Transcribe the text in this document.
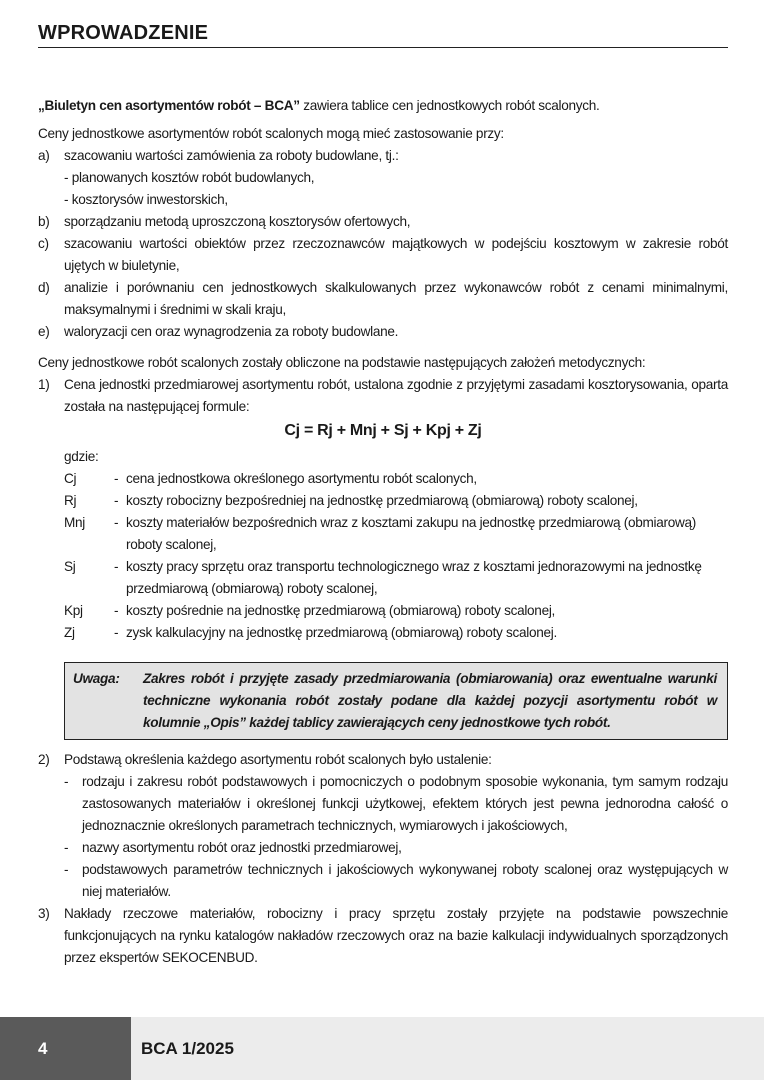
WPROWADZENIE

„Biuletyn cen asortymentów robót – BCA” zawiera tablice cen jednostkowych robót scalonych.

Ceny jednostkowe asortymentów robót scalonych mogą mieć zastosowanie przy:

a) szacowaniu wartości zamówienia za roboty budowlane, tj.:
- planowanych kosztów robót budowlanych,
- kosztorysów inwestorskich,
b) sporządzaniu metodą uproszczoną kosztorysów ofertowych,
c) szacowaniu wartości obiektów przez rzeczoznawców majątkowych w podejściu kosztowym w zakresie robót ujętych w biuletynie,
d) analizie i porównaniu cen jednostkowych skalkulowanych przez wykonawców robót z cenami minimalnymi, maksymalnymi i średnimi w skali kraju,
e) waloryzacji cen oraz wynagrodzenia za roboty budowlane.

Ceny jednostkowe robót scalonych zostały obliczone na podstawie następujących założeń metodycznych:

1) Cena jednostki przedmiarowej asortymentu robót, ustalona zgodnie z przyjętymi zasadami kosztorysowania, oparta została na następującej formule:
Cj = Rj + Mnj + Sj + Kpj + Zj
gdzie:
Cj	- cena jednostkowa określonego asortymentu robót scalonych,
Rj	- koszty robocizny bezpośredniej na jednostkę przedmiarową (obmiarową) roboty scalonej,
Mnj - koszty materiałów bezpośrednich wraz z kosztami zakupu na jednostkę przedmiarową (obmiarową) roboty scalonej,
Sj	- koszty pracy sprzętu oraz transportu technologicznego wraz z kosztami jednorazowymi na jednostkę przedmiarową (obmiarową) roboty scalonej,
Kpj - koszty pośrednie na jednostkę przedmiarową (obmiarową) roboty scalonej,
Zj	- zysk kalkulacyjny na jednostkę przedmiarową (obmiarową) roboty scalonej.
Uwaga:	Zakres robót i przyjęte zasady przedmiarowania (obmiarowania) oraz ewentualne warunki techniczne wykonania robót zostały podane dla każdej pozycji asortymentu robót w kolumnie „Opis” każdej tablicy zawierających ceny jednostkowe tych robót.
2) Podstawą określenia każdego asortymentu robót scalonych było ustalenie:
- rodzaju i zakresu robót podstawowych i pomocniczych o podobnym sposobie wykonania, tym samym rodzaju zastosowanych materiałów i określonej funkcji użytkowej, efektem których jest pewna jednorodna całość o jednoznacznie określonych parametrach technicznych, wymiarowych i jakościowych,
- nazwy asortymentu robót oraz jednostki przedmiarowej,
- podstawowych parametrów technicznych i jakościowych wykonywanej roboty scalonej oraz występujących w niej materiałów.
3) Nakłady rzeczowe materiałów, robocizny i pracy sprzętu zostały przyjęte na podstawie powszechnie funkcjonujących na rynku katalogów nakładów rzeczowych oraz na bazie kalkulacji indywidualnych sporządzonych przez ekspertów SEKOCENBUD.
4	BCA 1/2025
